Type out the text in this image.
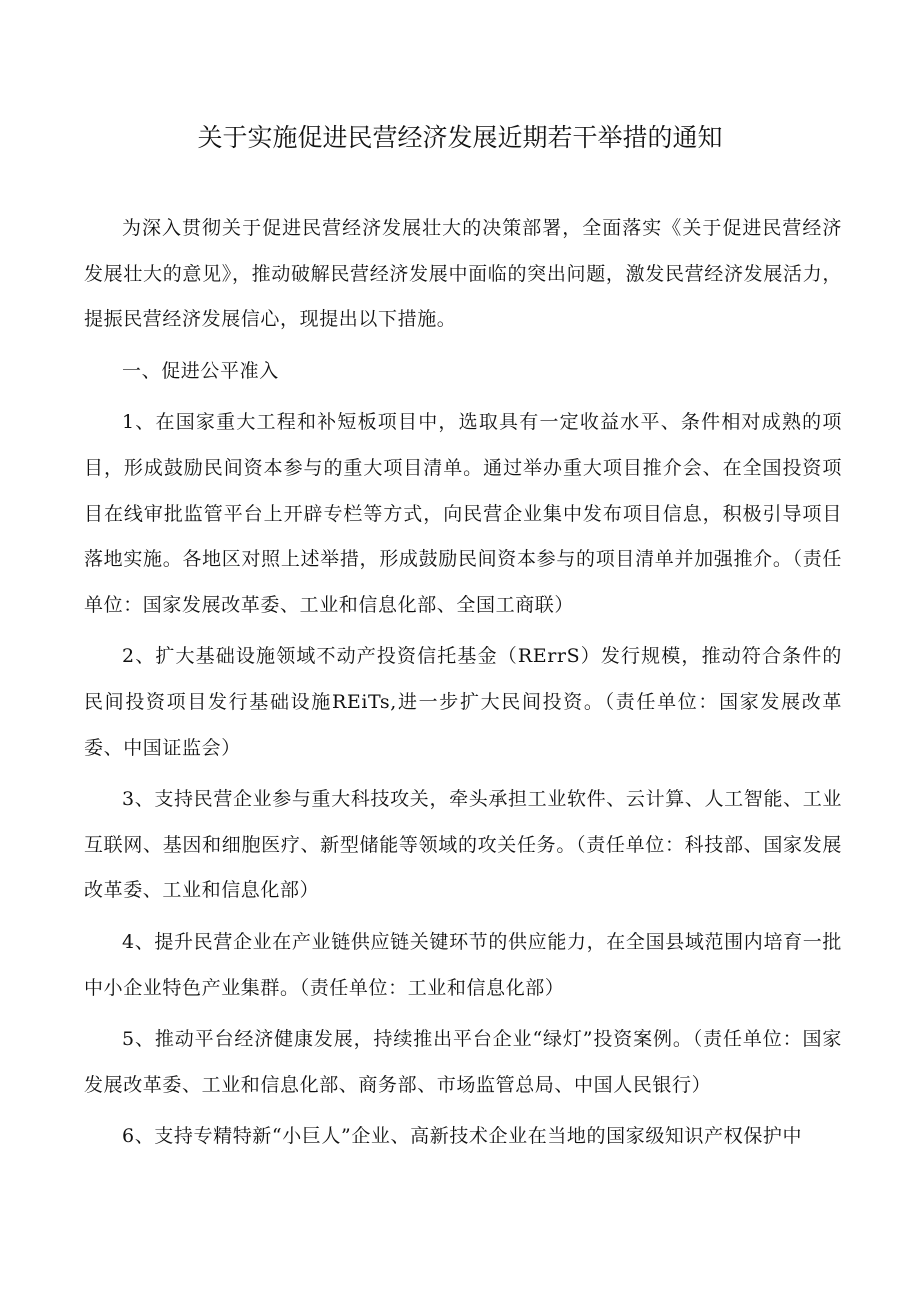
关于实施促进民营经济发展近期若干举措的通知

为深入贯彻关于促进民营经济发展壮大的决策部署，全面落实《关于促进民营经济发展壮大的意见》，推动破解民营经济发展中面临的突出问题，激发民营经济发展活力，提振民营经济发展信心，现提出以下措施。

一、促进公平准入

1、在国家重大工程和补短板项目中，选取具有一定收益水平、条件相对成熟的项目，形成鼓励民间资本参与的重大项目清单。通过举办重大项目推介会、在全国投资项目在线审批监管平台上开辟专栏等方式，向民营企业集中发布项目信息，积极引导项目落地实施。各地区对照上述举措，形成鼓励民间资本参与的项目清单并加强推介。（责任单位：国家发展改革委、工业和信息化部、全国工商联）

2、扩大基础设施领域不动产投资信托基金（RErrS）发行规模，推动符合条件的民间投资项目发行基础设施REiTs,进一步扩大民间投资。（责任单位：国家发展改革委、中国证监会）

3、支持民营企业参与重大科技攻关，牵头承担工业软件、云计算、人工智能、工业互联网、基因和细胞医疗、新型储能等领域的攻关任务。（责任单位：科技部、国家发展改革委、工业和信息化部）

4、提升民营企业在产业链供应链关键环节的供应能力，在全国县域范围内培育一批中小企业特色产业集群。（责任单位：工业和信息化部）

5、推动平台经济健康发展，持续推出平台企业“绿灯”投资案例。（责任单位：国家发展改革委、工业和信息化部、商务部、市场监管总局、中国人民银行）

6、支持专精特新“小巨人”企业、高新技术企业在当地的国家级知识产权保护中
